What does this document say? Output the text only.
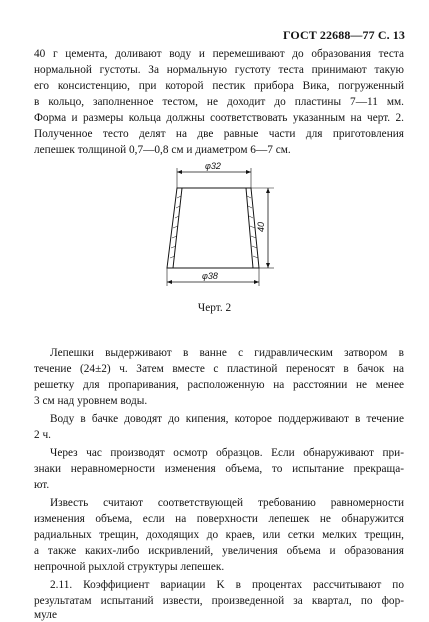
ГОСТ 22688—77 С. 13
40 г цемента, доливают воду и перемешивают до образования теста
нормальной густоты. За нормальную густоту теста принимают такую
его консистенцию, при которой пестик прибора Вика, погруженный
в кольцо, заполненное тестом, не доходит до пластины 7—11 мм.
Форма и размеры кольца должны соответствовать указанным на черт. 2.
Полученное тесто делят на две равные части для приготовления
лепешек толщиной 0,7—0,8 см и диаметром 6—7 см.
φ32
40
φ38
Черт. 2
Лепешки выдерживают в ванне с гидравлическим затвором в
течение (24±2) ч. Затем вместе с пластиной переносят в бачок на
решетку для пропаривания, расположенную на расстоянии не менее
3 см над уровнем воды.
Воду в бачке доводят до кипения, которое поддерживают в течение
2 ч.
Через час производят осмотр образцов. Если обнаруживают при-
знаки неравномерности изменения объема, то испытание прекраща-
ют.
Известь считают соответствующей требованию равномерности
изменения объема, если на поверхности лепешек не обнаружится
радиальных трещин, доходящих до краев, или сетки мелких трещин,
а также каких-либо искривлений, увеличения объема и образования
непрочной рыхлой структуры лепешек.
2.11. Коэффициент вариации K в процентах рассчитывают по
результатам испытаний извести, произведенной за квартал, по фор-
муле
